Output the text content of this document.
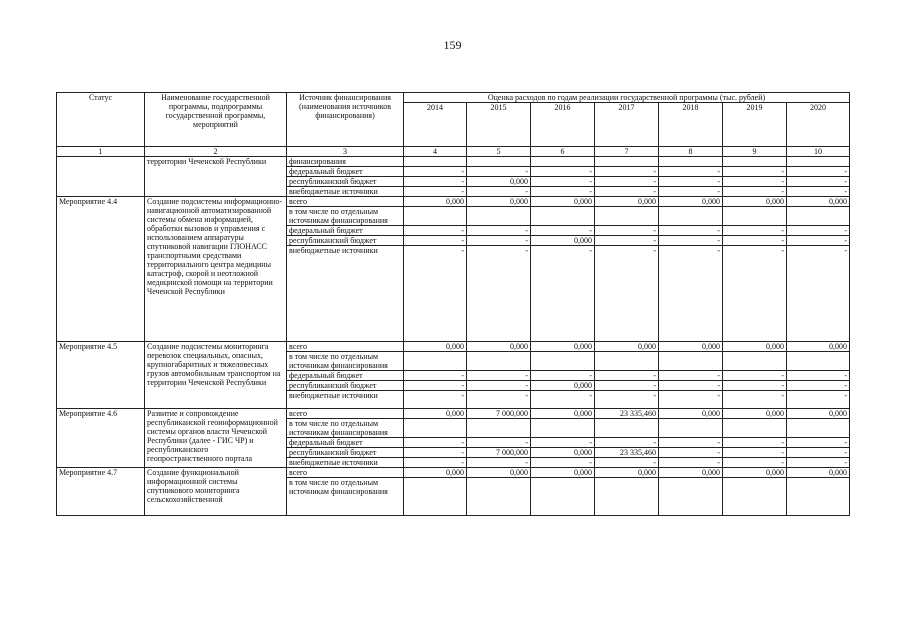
159
Статус	Наименование государственной программы, подпрограммы государственной программы, мероприятий	Источник финансирования (наименования источников финансирования)	Оценка расходов по годам реализации государственной программы (тыс. рублей)						
			2014	2015	2016	2017	2018	2019	2020
1	2	3	4	5	6	7	8	9	10
	территории Чеченской Республики	финансирования							
		федеральный бюджет	-	-	-	-	-	-	-
		республиканский бюджет	-	0,000	-	-	-	-	-
		внебюджетные источники	-	-	-	-	-	-	-
Мероприятие 4.4	Создание подсистемы информационно-навигационной автоматизированной системы обмена информацией, обработки вызовов и управления с использованием аппаратуры спутниковой навигации ГЛОНАСС транспортными средствами территориального центра медицины катастроф, скорой и неотложной медицинской помощи на территории Чеченской Республики	всего	0,000	0,000	0,000	0,000	0,000	0,000	0,000
		в том числе по отдельным источникам финансирования							
		федеральный бюджет	-	-	-	-	-	-	-
		республиканский бюджет	-	-	0,000	-	-	-	-
		внебюджетные источники	-	-	-	-	-	-	-
Мероприятие 4.5	Создание подсистемы мониторинга перевозок специальных, опасных, крупногабаритных и тяжеловесных грузов автомобильным транспортом на территории Чеченской Республики	всего	0,000	0,000	0,000	0,000	0,000	0,000	0,000
		в том числе по отдельным источникам финансирования							
		федеральный бюджет	-	-	-	-	-	-	-
		республиканский бюджет	-	-	0,000	-	-	-	-
		внебюджетные источники	-	-	-	-	-	-	-
Мероприятие 4.6	Развитие и сопровождение республиканской геоинформационной системы органов власти Чеченской Республики (далее - ГИС ЧР) и республиканского геопространственного портала	всего	0,000	7 000,000	0,000	23 335,460	0,000	0,000	0,000
		в том числе по отдельным источникам финансирования							
		федеральный бюджет	-	-	-	-	-	-	-
		республиканский бюджет	-	7 000,000	0,000	23 335,460	-	-	-
		внебюджетные источники	-	-	-	-	-	-	-
Мероприятие 4.7	Создание функциональной информационной системы спутникового мониторинга сельскохозяйственной	всего	0,000	0,000	0,000	0,000	0,000	0,000	0,000
		в том числе по отдельным источникам финансирования							
